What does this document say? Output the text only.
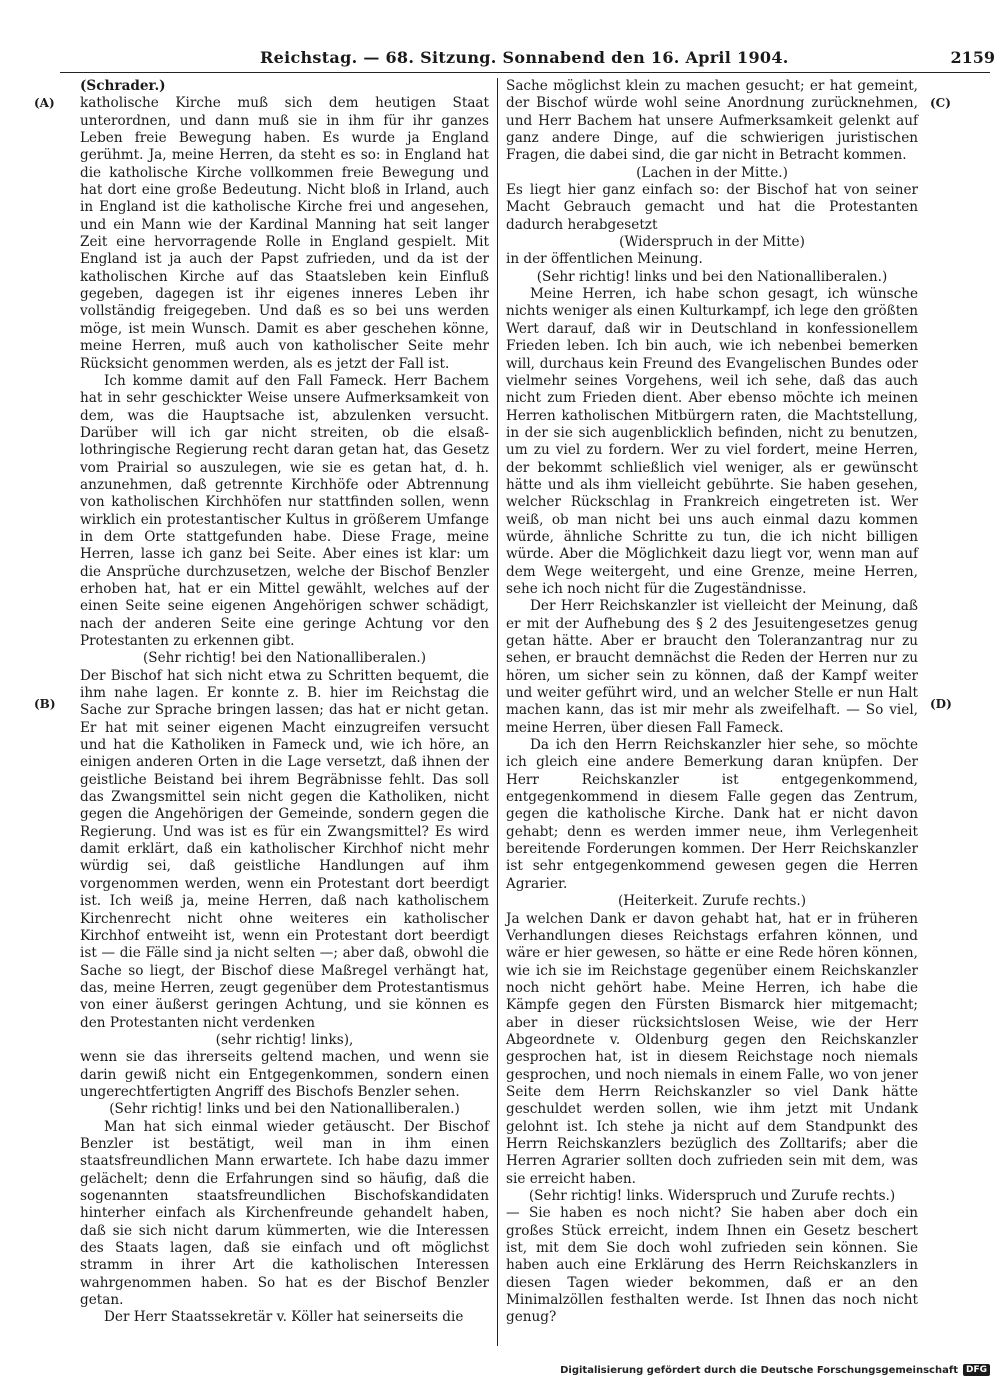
Reichstag. — 68. Sitzung. Sonnabend den 16. April 1904.	2159
(A)
(B)
(C)
(D)

(Schrader.)

katholische Kirche muß sich dem heutigen Staat unterordnen, und dann muß sie in ihm für ihr ganzes Leben freie Bewegung haben. Es wurde ja England gerühmt. Ja, meine Herren, da steht es so: in England hat die katholische Kirche vollkommen freie Bewegung und hat dort eine große Bedeutung. Nicht bloß in Irland, auch in England ist die katholische Kirche frei und angesehen, und ein Mann wie der Kardinal Manning hat seit langer Zeit eine hervorragende Rolle in England gespielt. Mit England ist ja auch der Papst zufrieden, und da ist der katholischen Kirche auf das Staatsleben kein Einfluß gegeben, dagegen ist ihr eigenes inneres Leben ihr vollständig freigegeben. Und daß es so bei uns werden möge, ist mein Wunsch. Damit es aber geschehen könne, meine Herren, muß auch von katholischer Seite mehr Rücksicht genommen werden, als es jetzt der Fall ist.

Ich komme damit auf den Fall Fameck. Herr Bachem hat in sehr geschickter Weise unsere Aufmerksamkeit von dem, was die Hauptsache ist, abzulenken versucht. Darüber will ich gar nicht streiten, ob die elsaß-lothringische Regierung recht daran getan hat, das Gesetz vom Prairial so auszulegen, wie sie es getan hat, d. h. anzunehmen, daß getrennte Kirchhöfe oder Abtrennung von katholischen Kirchhöfen nur stattfinden sollen, wenn wirklich ein protestantischer Kultus in größerem Umfange in dem Orte stattgefunden habe. Diese Frage, meine Herren, lasse ich ganz bei Seite. Aber eines ist klar: um die Ansprüche durchzusetzen, welche der Bischof Benzler erhoben hat, hat er ein Mittel gewählt, welches auf der einen Seite seine eigenen Angehörigen schwer schädigt, nach der anderen Seite eine geringe Achtung vor den Protestanten zu erkennen gibt.

(Sehr richtig! bei den Nationalliberalen.)

Der Bischof hat sich nicht etwa zu Schritten bequemt, die ihm nahe lagen. Er konnte z. B. hier im Reichstag die Sache zur Sprache bringen lassen; das hat er nicht getan. Er hat mit seiner eigenen Macht einzugreifen versucht und hat die Katholiken in Fameck und, wie ich höre, an einigen anderen Orten in die Lage versetzt, daß ihnen der geistliche Beistand bei ihrem Begräbnisse fehlt. Das soll das Zwangsmittel sein nicht gegen die Katholiken, nicht gegen die Angehörigen der Gemeinde, sondern gegen die Regierung. Und was ist es für ein Zwangsmittel? Es wird damit erklärt, daß ein katholischer Kirchhof nicht mehr würdig sei, daß geistliche Handlungen auf ihm vorgenommen werden, wenn ein Protestant dort beerdigt ist. Ich weiß ja, meine Herren, daß nach katholischem Kirchenrecht nicht ohne weiteres ein katholischer Kirchhof entweiht ist, wenn ein Protestant dort beerdigt ist — die Fälle sind ja nicht selten —; aber daß, obwohl die Sache so liegt, der Bischof diese Maßregel verhängt hat, das, meine Herren, zeugt gegenüber dem Protestantismus von einer äußerst geringen Achtung, und sie können es den Protestanten nicht verdenken

(sehr richtig! links),

wenn sie das ihrerseits geltend machen, und wenn sie darin gewiß nicht ein Entgegenkommen, sondern einen ungerechtfertigten Angriff des Bischofs Benzler sehen.

(Sehr richtig! links und bei den Nationalliberalen.)

Man hat sich einmal wieder getäuscht. Der Bischof Benzler ist bestätigt, weil man in ihm einen staatsfreundlichen Mann erwartete. Ich habe dazu immer gelächelt; denn die Erfahrungen sind so häufig, daß die sogenannten staatsfreundlichen Bischofskandidaten hinterher einfach als Kirchenfreunde gehandelt haben, daß sie sich nicht darum kümmerten, wie die Interessen des Staats lagen, daß sie einfach und oft möglichst stramm in ihrer Art die katholischen Interessen wahrgenommen haben. So hat es der Bischof Benzler getan.

Der Herr Staatssekretär v. Köller hat seinerseits die

Sache möglichst klein zu machen gesucht; er hat gemeint, der Bischof würde wohl seine Anordnung zurücknehmen, und Herr Bachem hat unsere Aufmerksamkeit gelenkt auf ganz andere Dinge, auf die schwierigen juristischen Fragen, die dabei sind, die gar nicht in Betracht kommen.

(Lachen in der Mitte.)

Es liegt hier ganz einfach so: der Bischof hat von seiner Macht Gebrauch gemacht und hat die Protestanten dadurch herabgesetzt

(Widerspruch in der Mitte)

in der öffentlichen Meinung.

(Sehr richtig! links und bei den Nationalliberalen.)

Meine Herren, ich habe schon gesagt, ich wünsche nichts weniger als einen Kulturkampf, ich lege den größten Wert darauf, daß wir in Deutschland in konfessionellem Frieden leben. Ich bin auch, wie ich nebenbei bemerken will, durchaus kein Freund des Evangelischen Bundes oder vielmehr seines Vorgehens, weil ich sehe, daß das auch nicht zum Frieden dient. Aber ebenso möchte ich meinen Herren katholischen Mitbürgern raten, die Machtstellung, in der sie sich augenblicklich befinden, nicht zu benutzen, um zu viel zu fordern. Wer zu viel fordert, meine Herren, der bekommt schließlich viel weniger, als er gewünscht hätte und als ihm vielleicht gebührte. Sie haben gesehen, welcher Rückschlag in Frankreich eingetreten ist. Wer weiß, ob man nicht bei uns auch einmal dazu kommen würde, ähnliche Schritte zu tun, die ich nicht billigen würde. Aber die Möglichkeit dazu liegt vor, wenn man auf dem Wege weitergeht, und eine Grenze, meine Herren, sehe ich noch nicht für die Zugeständnisse.

Der Herr Reichskanzler ist vielleicht der Meinung, daß er mit der Aufhebung des § 2 des Jesuitengesetzes genug getan hätte. Aber er braucht den Toleranzantrag nur zu sehen, er braucht demnächst die Reden der Herren nur zu hören, um sicher sein zu können, daß der Kampf weiter und weiter geführt wird, und an welcher Stelle er nun Halt machen kann, das ist mir mehr als zweifelhaft. — So viel, meine Herren, über diesen Fall Fameck.

Da ich den Herrn Reichskanzler hier sehe, so möchte ich gleich eine andere Bemerkung daran knüpfen. Der Herr Reichskanzler ist entgegenkommend, entgegenkommend in diesem Falle gegen das Zentrum, gegen die katholische Kirche. Dank hat er nicht davon gehabt; denn es werden immer neue, ihm Verlegenheit bereitende Forderungen kommen. Der Herr Reichskanzler ist sehr entgegenkommend gewesen gegen die Herren Agrarier.

(Heiterkeit. Zurufe rechts.)

Ja welchen Dank er davon gehabt hat, hat er in früheren Verhandlungen dieses Reichstags erfahren können, und wäre er hier gewesen, so hätte er eine Rede hören können, wie ich sie im Reichstage gegenüber einem Reichskanzler noch nicht gehört habe. Meine Herren, ich habe die Kämpfe gegen den Fürsten Bismarck hier mitgemacht; aber in dieser rücksichtslosen Weise, wie der Herr Abgeordnete v. Oldenburg gegen den Reichskanzler gesprochen hat, ist in diesem Reichstage noch niemals gesprochen, und noch niemals in einem Falle, wo von jener Seite dem Herrn Reichskanzler so viel Dank hätte geschuldet werden sollen, wie ihm jetzt mit Undank gelohnt ist. Ich stehe ja nicht auf dem Standpunkt des Herrn Reichskanzlers bezüglich des Zolltarifs; aber die Herren Agrarier sollten doch zufrieden sein mit dem, was sie erreicht haben.

(Sehr richtig! links. Widerspruch und Zurufe rechts.)

— Sie haben es noch nicht? Sie haben aber doch ein großes Stück erreicht, indem Ihnen ein Gesetz beschert ist, mit dem Sie doch wohl zufrieden sein können. Sie haben auch eine Erklärung des Herrn Reichskanzlers in diesen Tagen wieder bekommen, daß er an den Minimalzöllen festhalten werde. Ist Ihnen das noch nicht genug?

Digitalisierung gefördert durch die Deutsche Forschungsgemeinschaft DFG
